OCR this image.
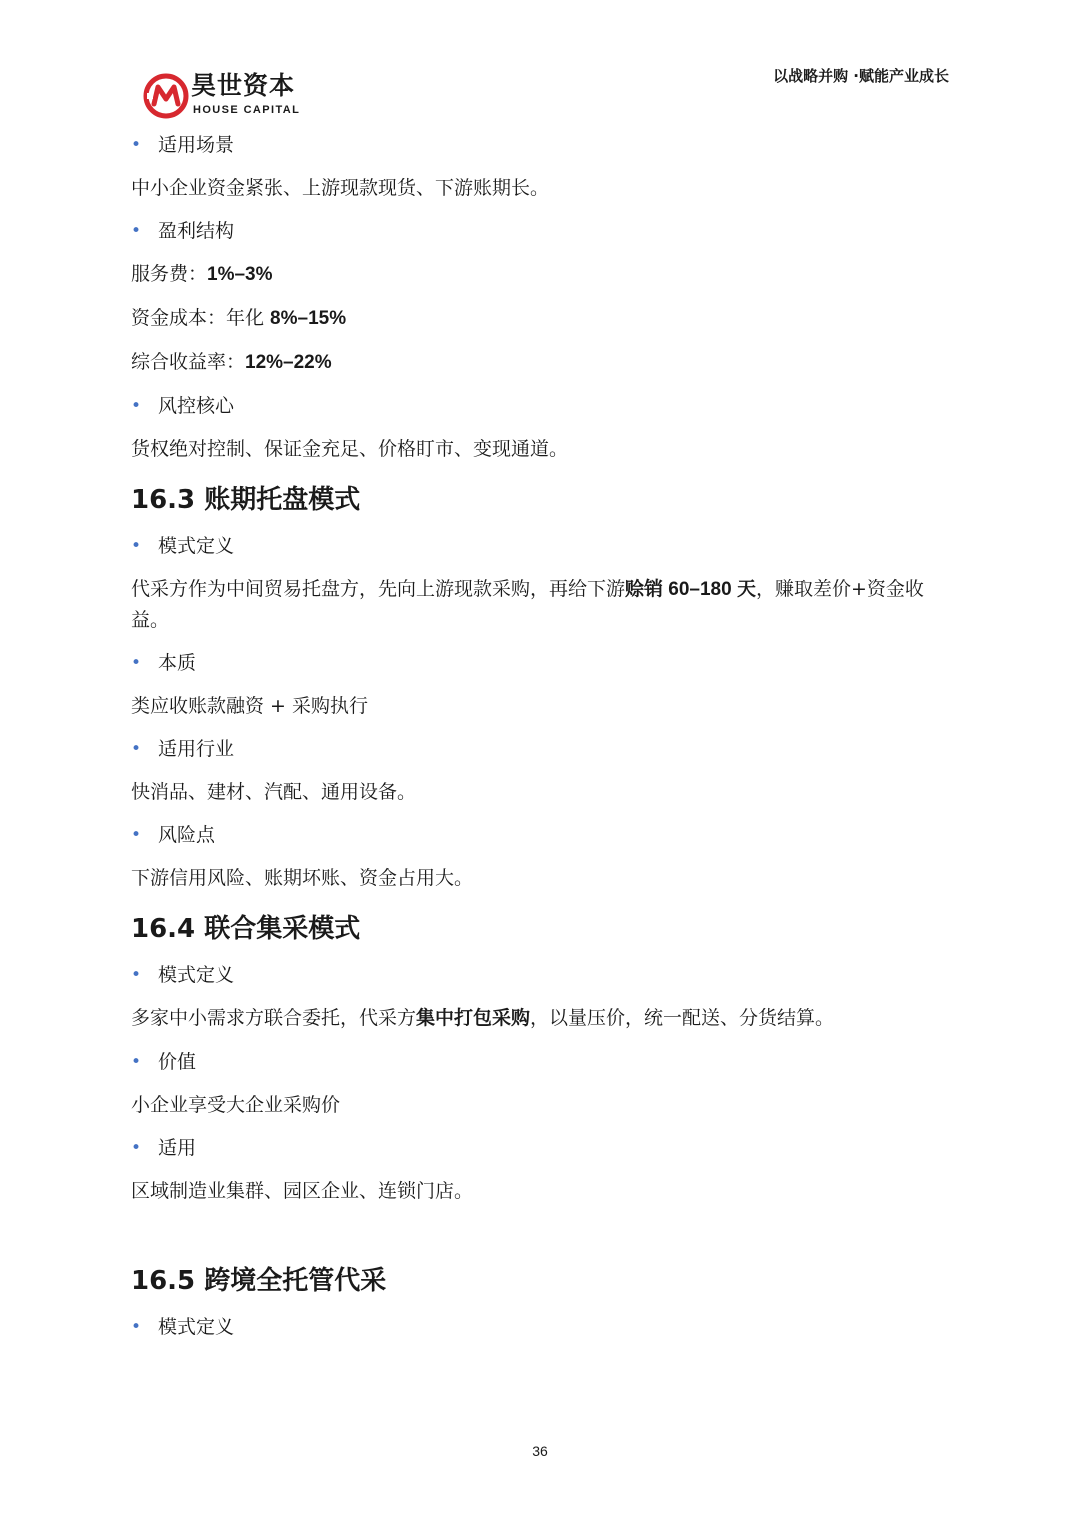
昊世资本
HOUSE CAPITAL
以战略并购 ·赋能产业成长
• 适用场景

中小企业资金紧张、上游现款现货、下游账期长。

• 盈利结构

服务费：1%–3%

资金成本：年化 8%–15%

综合收益率：12%–22%

• 风控核心

货权绝对控制、保证金充足、价格盯市、变现通道。

16.3 账期托盘模式
• 模式定义

代采方作为中间贸易托盘方，先向上游现款采购，再给下游赊销 60–180 天，赚取差价+资金收益。

• 本质

类应收账款融资 + 采购执行

• 适用行业

快消品、建材、汽配、通用设备。

• 风险点

下游信用风险、账期坏账、资金占用大。

16.4 联合集采模式
• 模式定义

多家中小需求方联合委托，代采方集中打包采购，以量压价，统一配送、分货结算。

• 价值

小企业享受大企业采购价

• 适用

区域制造业集群、园区企业、连锁门店。

16.5 跨境全托管代采
• 模式定义
36
